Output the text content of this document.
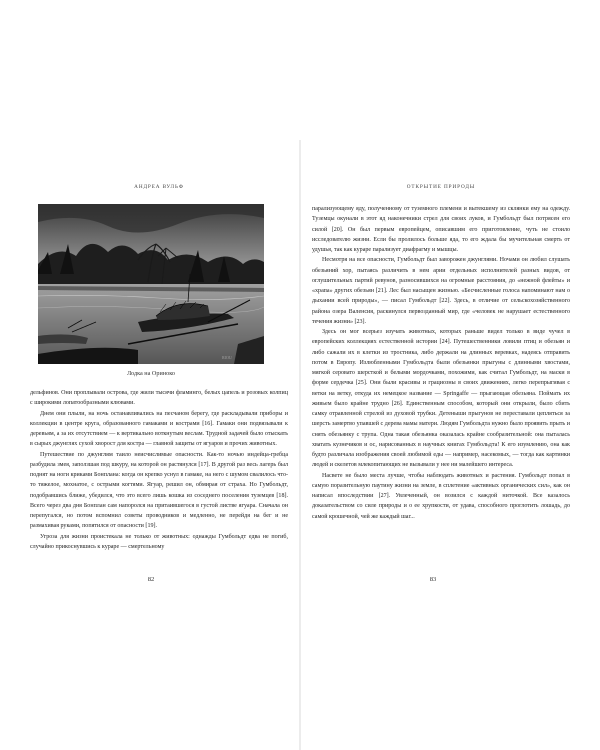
АНДРЕА ВУЛЬФ
RIOU
Лодка на Ориноко

дельфинов. Они проплывали острова, где жили тысячи фламинго, белых цапель и розовых колпиц с широкими лопатообразными клювами.

Днем они плыли, на ночь останавливались на песчаном берегу, где раскладывали приборы и коллекции в центре круга, образованного гамаками и кострами [16]. Гамаки они подвязывали к деревьям, а за их отсутствием — к вертикально воткнутым веслам. Трудной задачей было отыскать в сырых джунглях сухой хворост для костра — главной защиты от ягуаров и прочих животных.

Путешествие по джунглям таило неисчислимые опасности. Как-то ночью индейца-гребца разбудила змея, заползшая под шкуру, на которой он растянулся [17]. В другой раз весь лагерь был поднят на ноги криками Бонплана: когда он крепко уснул в гамаке, на него с шумом свалилось что-то тяжелое, мохнатое, с острыми когтями. Ягуар, решил он, обмирая от страха. Но Гумбольдт, подобравшись ближе, убедился, что это всего лишь кошка из соседнего поселения туземцев [18]. Всего через два дня Бонплан сам напоролся на притаившегося в густой листве ягуара. Сначала он перепугался, но потом вспомнил советы проводников и медленно, не перейдя на бег и не размахивая руками, попятился от опасности [19].

Угроза для жизни проистекала не только от животных: однажды Гумбольдт едва не погиб, случайно прикоснувшись к кураре — смертельному

82
ОТКРЫТИЕ ПРИРОДЫ

парализующему яду, полученному от туземного племени и вытекшему из склянки ему на одежду. Туземцы окунали в этот яд наконечники стрел для своих луков, и Гумбольдт был потрясен его силой [20]. Он был первым европейцем, описавшим его приготовление, чуть не стоило исследователю жизни. Если бы пролилось больше яда, то его ждала бы мучительная смерть от удушья, так как кураре парализует диафрагму и мышцы.

Несмотря на все опасности, Гумбольдт был заворожен джунглями. Ночами он любил слушать обезьяний хор, пытаясь различить в нем арии отдельных исполнителей разных видов, от оглушительных партий ревунов, разносившихся на огромные расстояния, до «нежной флейты» и «храпа» других обезьян [21]. Лес был насыщен жизнью. «Бесчисленные голоса напоминают нам о дыхании всей природы», — писал Гумбольдт [22]. Здесь, в отличие от сельскохозяйственного района озера Валенсия, раскинулся первозданный мир, где «человек не нарушает естественного течения жизни» [23].

Здесь он мог всерьез изучать животных, которых раньше видел только в виде чучел в европейских коллекциях естественной истории [24]. Путешественники ловили птиц и обезьян и либо сажали их в клетки из тростника, либо держали на длинных веревках, надеясь отправить потом в Европу. Излюбленными Гумбольдта были обезьянки прыгуны с длинными хвостами, мягкой серовато шерсткой и белыми мордочками, похожими, как считал Гумбольдт, на маски в форме сердечка [25]. Они были красивы и грациозны в своих движениях, легко перепрыгивая с ветки на ветку, откуда их немецкое название — Springaffe — прыгающая обезьяна. Поймать их живьем было крайне трудно [26]. Единственным способом, который они открыли, было сбить самку отравленной стрелой из духовой трубки. Детеныши прыгунов не переставали цепляться за шерсть замертво упавшей с дерева мамы матери. Людям Гумбольдта нужно было проявить прыть и снять обезьянку с трупа. Одна такая обезьянка оказалась крайне сообразительной: она пыталась хватать кузнечиков и ос, нарисованных в научных книгах Гумбольдта! К его изумлению, она как будто различала изображения своей любимой еды — например, насекомых, — тогда как картинки людей и скелетов млекопитающих не вызывали у нее ни малейшего интереса.

Насвете не было места лучше, чтобы наблюдать животных и растения. Гумбольдт попал в самую поразительную паутину жизни на земле, в сплетение «активных органических сил», как он написал впоследствии [27]. Увлеченный, он возился с каждой ниточкой. Все казалось доказательством со силе природы и о ее хрупкости, от удава, способного проглотить лошадь, до самой крошечной, чей же каждый шаг...

83
